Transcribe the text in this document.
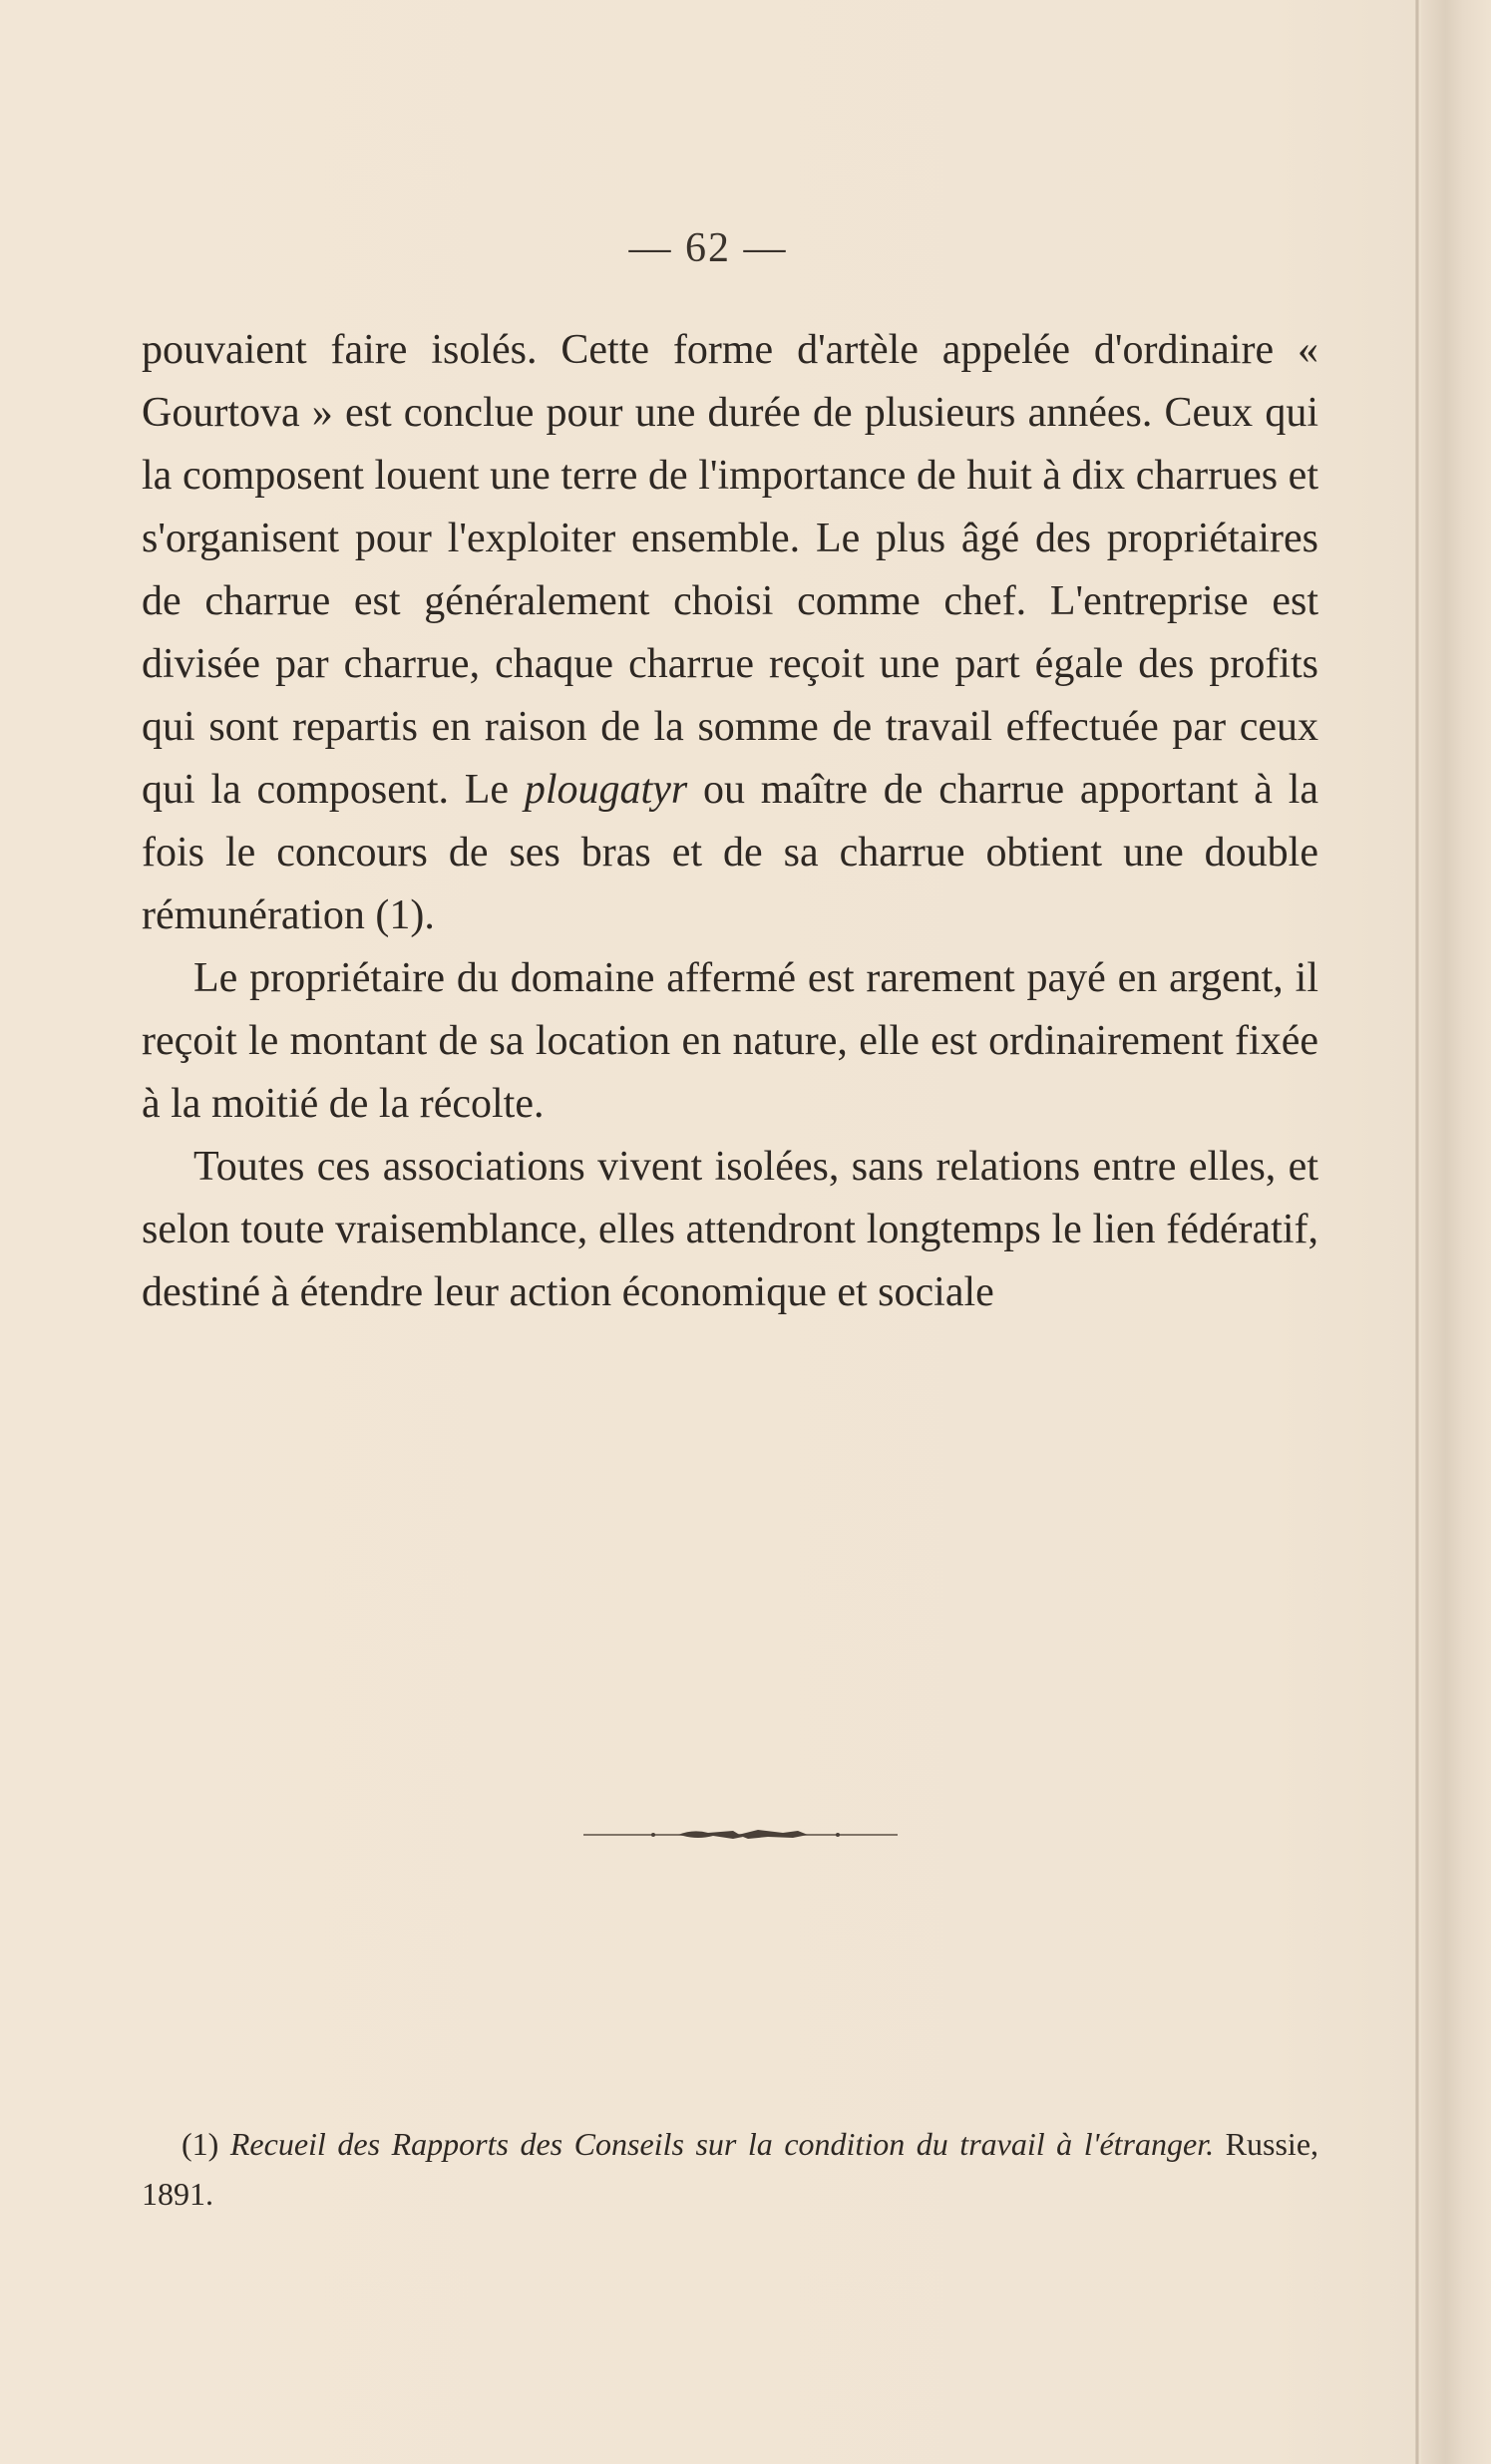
— 62 —

pouvaient faire isolés. Cette forme d'artèle appelée d'ordinaire « Gourtova » est conclue pour une durée de plusieurs années. Ceux qui la composent louent une terre de l'importance de huit à dix charrues et s'organisent pour l'exploiter ensemble. Le plus âgé des propriétaires de charrue est généralement choisi comme chef. L'entreprise est divisée par charrue, chaque charrue reçoit une part égale des profits qui sont repartis en raison de la somme de travail effectuée par ceux qui la composent. Le plougatyr ou maître de charrue apportant à la fois le concours de ses bras et de sa charrue obtient une double rémunération (1).

Le propriétaire du domaine affermé est rarement payé en argent, il reçoit le montant de sa location en nature, elle est ordinairement fixée à la moitié de la récolte.

Toutes ces associations vivent isolées, sans relations entre elles, et selon toute vraisemblance, elles attendront longtemps le lien fédératif, destiné à étendre leur action économique et sociale

(1) Recueil des Rapports des Conseils sur la condition du travail à l'étranger. Russie, 1891.
